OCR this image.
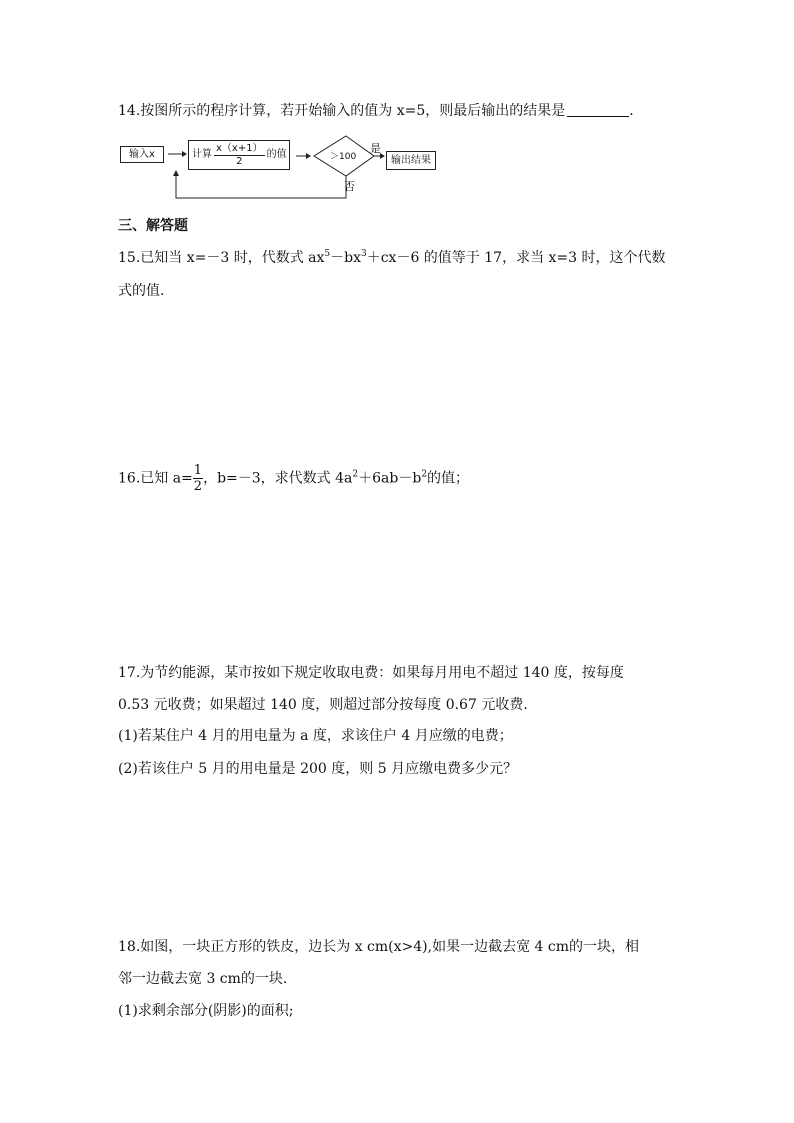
14.按图所示的程序计算，若开始输入的值为 x=5，则最后输出的结果是	.
输入x	计算 $\frac{x(x+1)}{2}$ 的值	＞100
是
否
输出结果
三、解答题
15.已知当 x=－3 时，代数式 $ax^5-bx^3+cx-6$ 的值等于 17，求当 x=3 时，这个代数
式的值.
16.已知 $a= \frac{1}{2}$ ，b=－3，求代数式 $4a^2+6ab-b^2$的值；
17.为节约能源，某市按如下规定收取电费：如果每月用电不超过 140 度，按每度
0.53 元收费；如果超过 140 度，则超过部分按每度 0.67 元收费.
(1)若某住户 4 月的用电量为 a 度，求该住户 4 月应缴的电费；
(2)若该住户 5 月的用电量是 200 度，则 5 月应缴电费多少元？
18.如图，一块正方形的铁皮，边长为 x cm(x>4),如果一边截去宽 4 cm的一块，相
邻一边截去宽 3 cm的一块.
(1)求剩余部分(阴影)的面积;
